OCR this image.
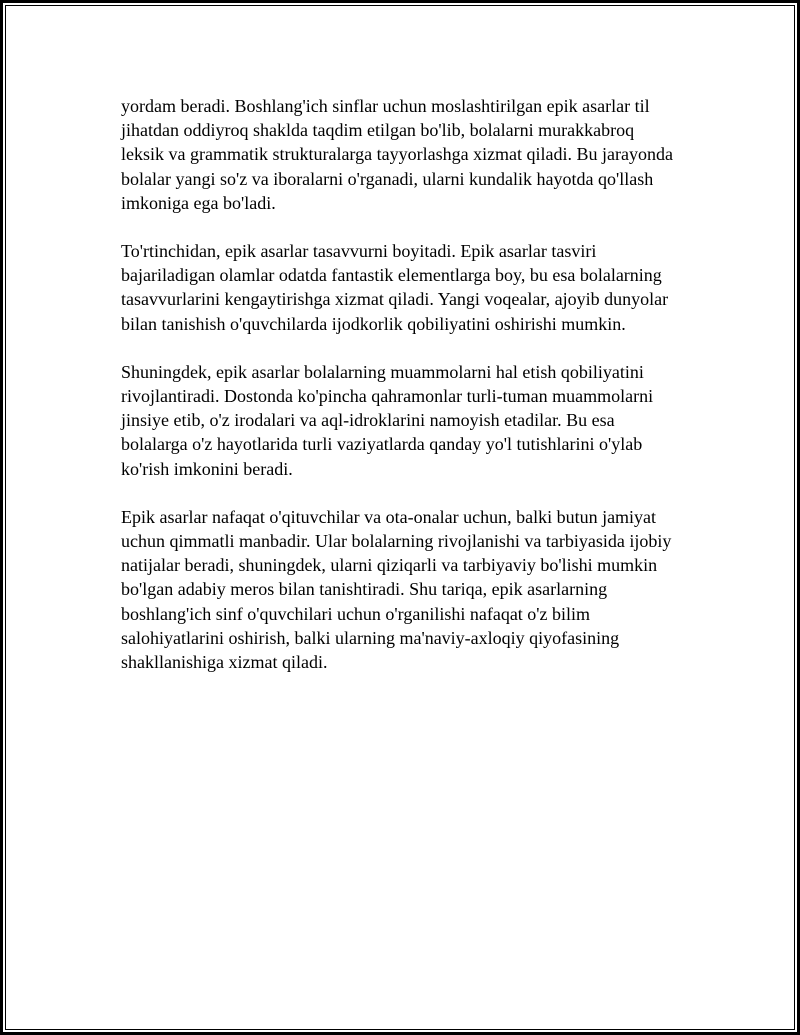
yordam beradi. Boshlang'ich sinflar uchun moslashtirilgan epik asarlar til
jihatdan oddiyroq shaklda taqdim etilgan bo'lib, bolalarni murakkabroq
leksik va grammatik strukturalarga tayyorlashga xizmat qiladi. Bu jarayonda
bolalar yangi so'z va iboralarni o'rganadi, ularni kundalik hayotda qo'llash
imkoniga ega bo'ladi.

To'rtinchidan, epik asarlar tasavvurni boyitadi. Epik asarlar tasviri
bajariladigan olamlar odatda fantastik elementlarga boy, bu esa bolalarning
tasavvurlarini kengaytirishga xizmat qiladi. Yangi voqealar, ajoyib dunyolar
bilan tanishish o'quvchilarda ijodkorlik qobiliyatini oshirishi mumkin.

Shuningdek, epik asarlar bolalarning muammolarni hal etish qobiliyatini
rivojlantiradi. Dostonda ko'pincha qahramonlar turli-tuman muammolarni
jinsiye etib, o'z irodalari va aql-idroklarini namoyish etadilar. Bu esa
bolalarga o'z hayotlarida turli vaziyatlarda qanday yo'l tutishlarini o'ylab
ko'rish imkonini beradi.

Epik asarlar nafaqat o'qituvchilar va ota-onalar uchun, balki butun jamiyat
uchun qimmatli manbadir. Ular bolalarning rivojlanishi va tarbiyasida ijobiy
natijalar beradi, shuningdek, ularni qiziqarli va tarbiyaviy bo'lishi mumkin
bo'lgan adabiy meros bilan tanishtiradi. Shu tariqa, epik asarlarning
boshlang'ich sinf o'quvchilari uchun o'rganilishi nafaqat o'z bilim
salohiyatlarini oshirish, balki ularning ma'naviy-axloqiy qiyofasining
shakllanishiga xizmat qiladi.
